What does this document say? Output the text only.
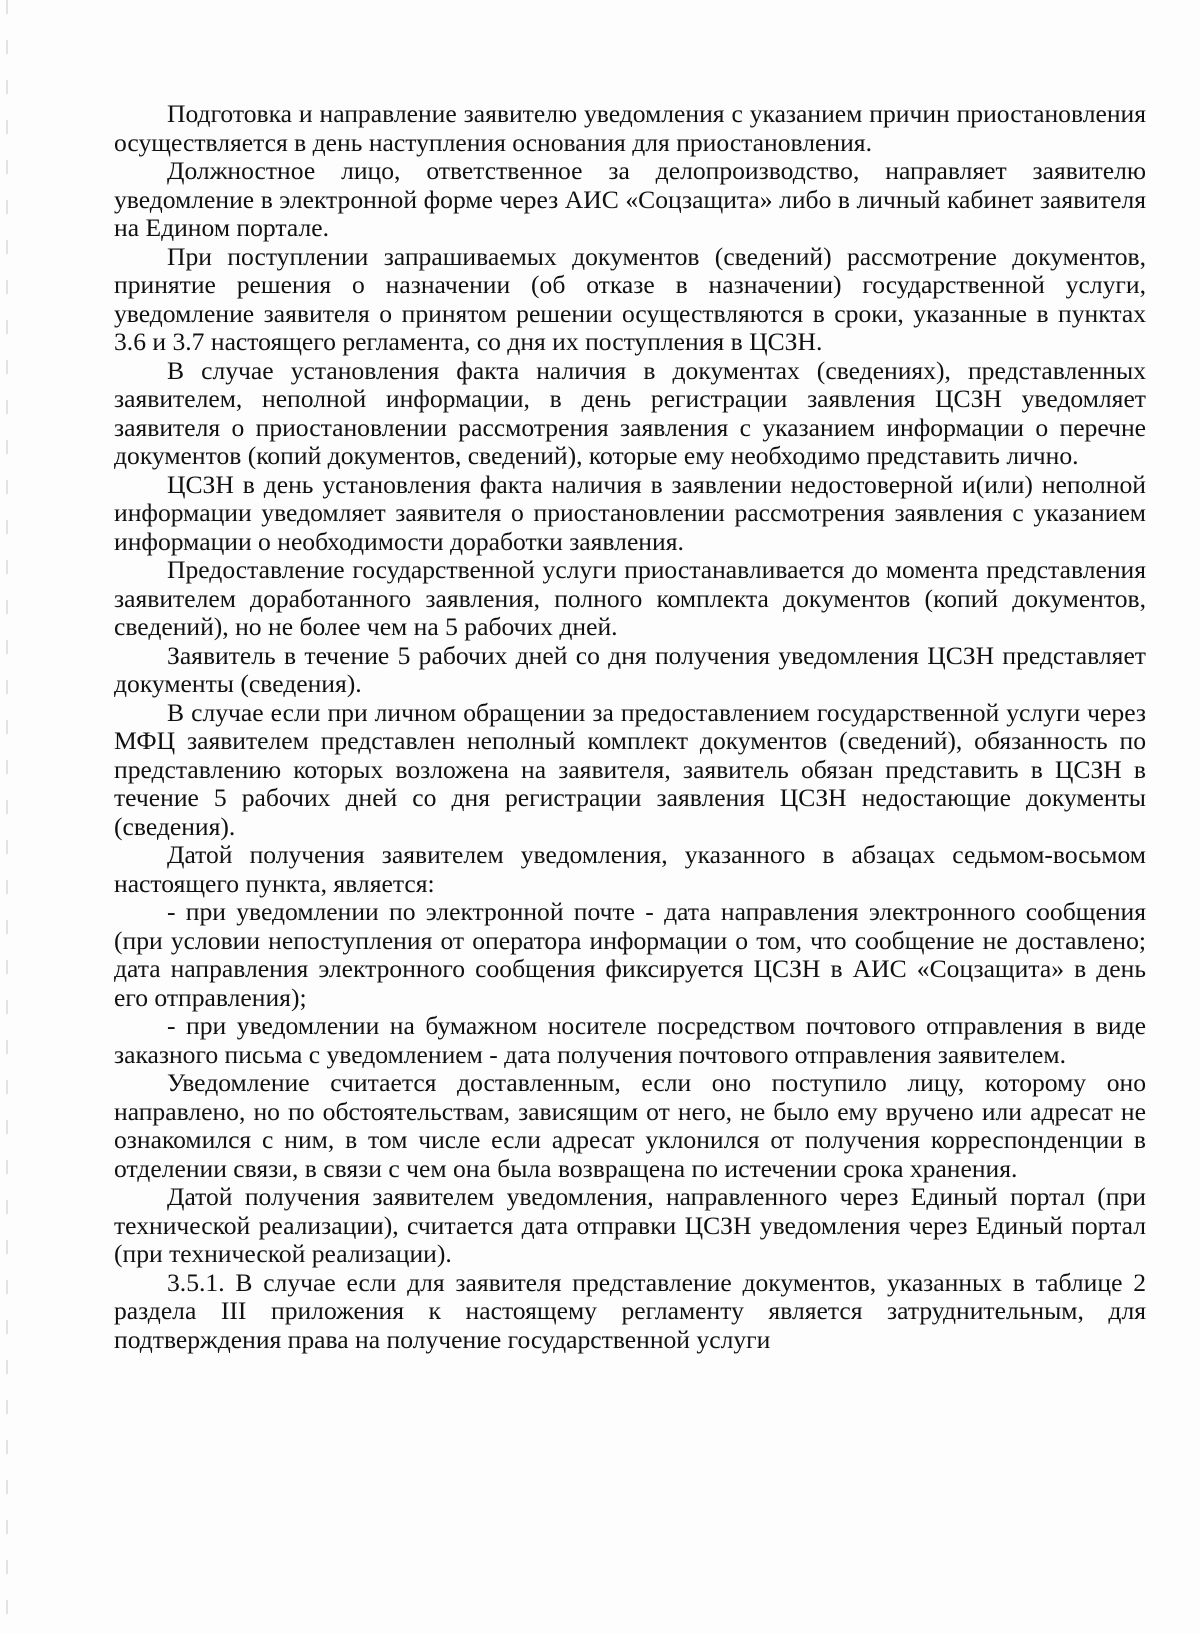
Подготовка и направление заявителю уведомления с указанием причин приостановления осуществляется в день наступления основания для приостановления.

Должностное лицо, ответственное за делопроизводство, направляет заявителю уведомление в электронной форме через АИС «Соцзащита» либо в личный кабинет заявителя на Едином портале.

При поступлении запрашиваемых документов (сведений) рассмотрение документов, принятие решения о назначении (об отказе в назначении) государственной услуги, уведомление заявителя о принятом решении осуществляются в сроки, указанные в пунктах 3.6 и 3.7 настоящего регламента, со дня их поступления в ЦСЗН.

В случае установления факта наличия в документах (сведениях), представленных заявителем, неполной информации, в день регистрации заявления ЦСЗН уведомляет заявителя о приостановлении рассмотрения заявления с указанием информации о перечне документов (копий документов, сведений), которые ему необходимо представить лично.

ЦСЗН в день установления факта наличия в заявлении недостоверной и(или) неполной информации уведомляет заявителя о приостановлении рассмотрения заявления с указанием информации о необходимости доработки заявления.

Предоставление государственной услуги приостанавливается до момента представления заявителем доработанного заявления, полного комплекта документов (копий документов, сведений), но не более чем на 5 рабочих дней.

Заявитель в течение 5 рабочих дней со дня получения уведомления ЦСЗН представляет документы (сведения).

В случае если при личном обращении за предоставлением государственной услуги через МФЦ заявителем представлен неполный комплект документов (сведений), обязанность по представлению которых возложена на заявителя, заявитель обязан представить в ЦСЗН в течение 5 рабочих дней со дня регистрации заявления ЦСЗН недостающие документы (сведения).

Датой получения заявителем уведомления, указанного в абзацах седьмом-восьмом настоящего пункта, является:

- при уведомлении по электронной почте - дата направления электронного сообщения (при условии непоступления от оператора информации о том, что сообщение не доставлено; дата направления электронного сообщения фиксируется ЦСЗН в АИС «Соцзащита» в день его отправления);

- при уведомлении на бумажном носителе посредством почтового отправления в виде заказного письма с уведомлением - дата получения почтового отправления заявителем.

Уведомление считается доставленным, если оно поступило лицу, которому оно направлено, но по обстоятельствам, зависящим от него, не было ему вручено или адресат не ознакомился с ним, в том числе если адресат уклонился от получения корреспонденции в отделении связи, в связи с чем она была возвращена по истечении срока хранения.

Датой получения заявителем уведомления, направленного через Единый портал (при технической реализации), считается дата отправки ЦСЗН уведомления через Единый портал (при технической реализации).

3.5.1. В случае если для заявителя представление документов, указанных в таблице 2 раздела III приложения к настоящему регламенту является затруднительным, для подтверждения права на получение государственной услуги
